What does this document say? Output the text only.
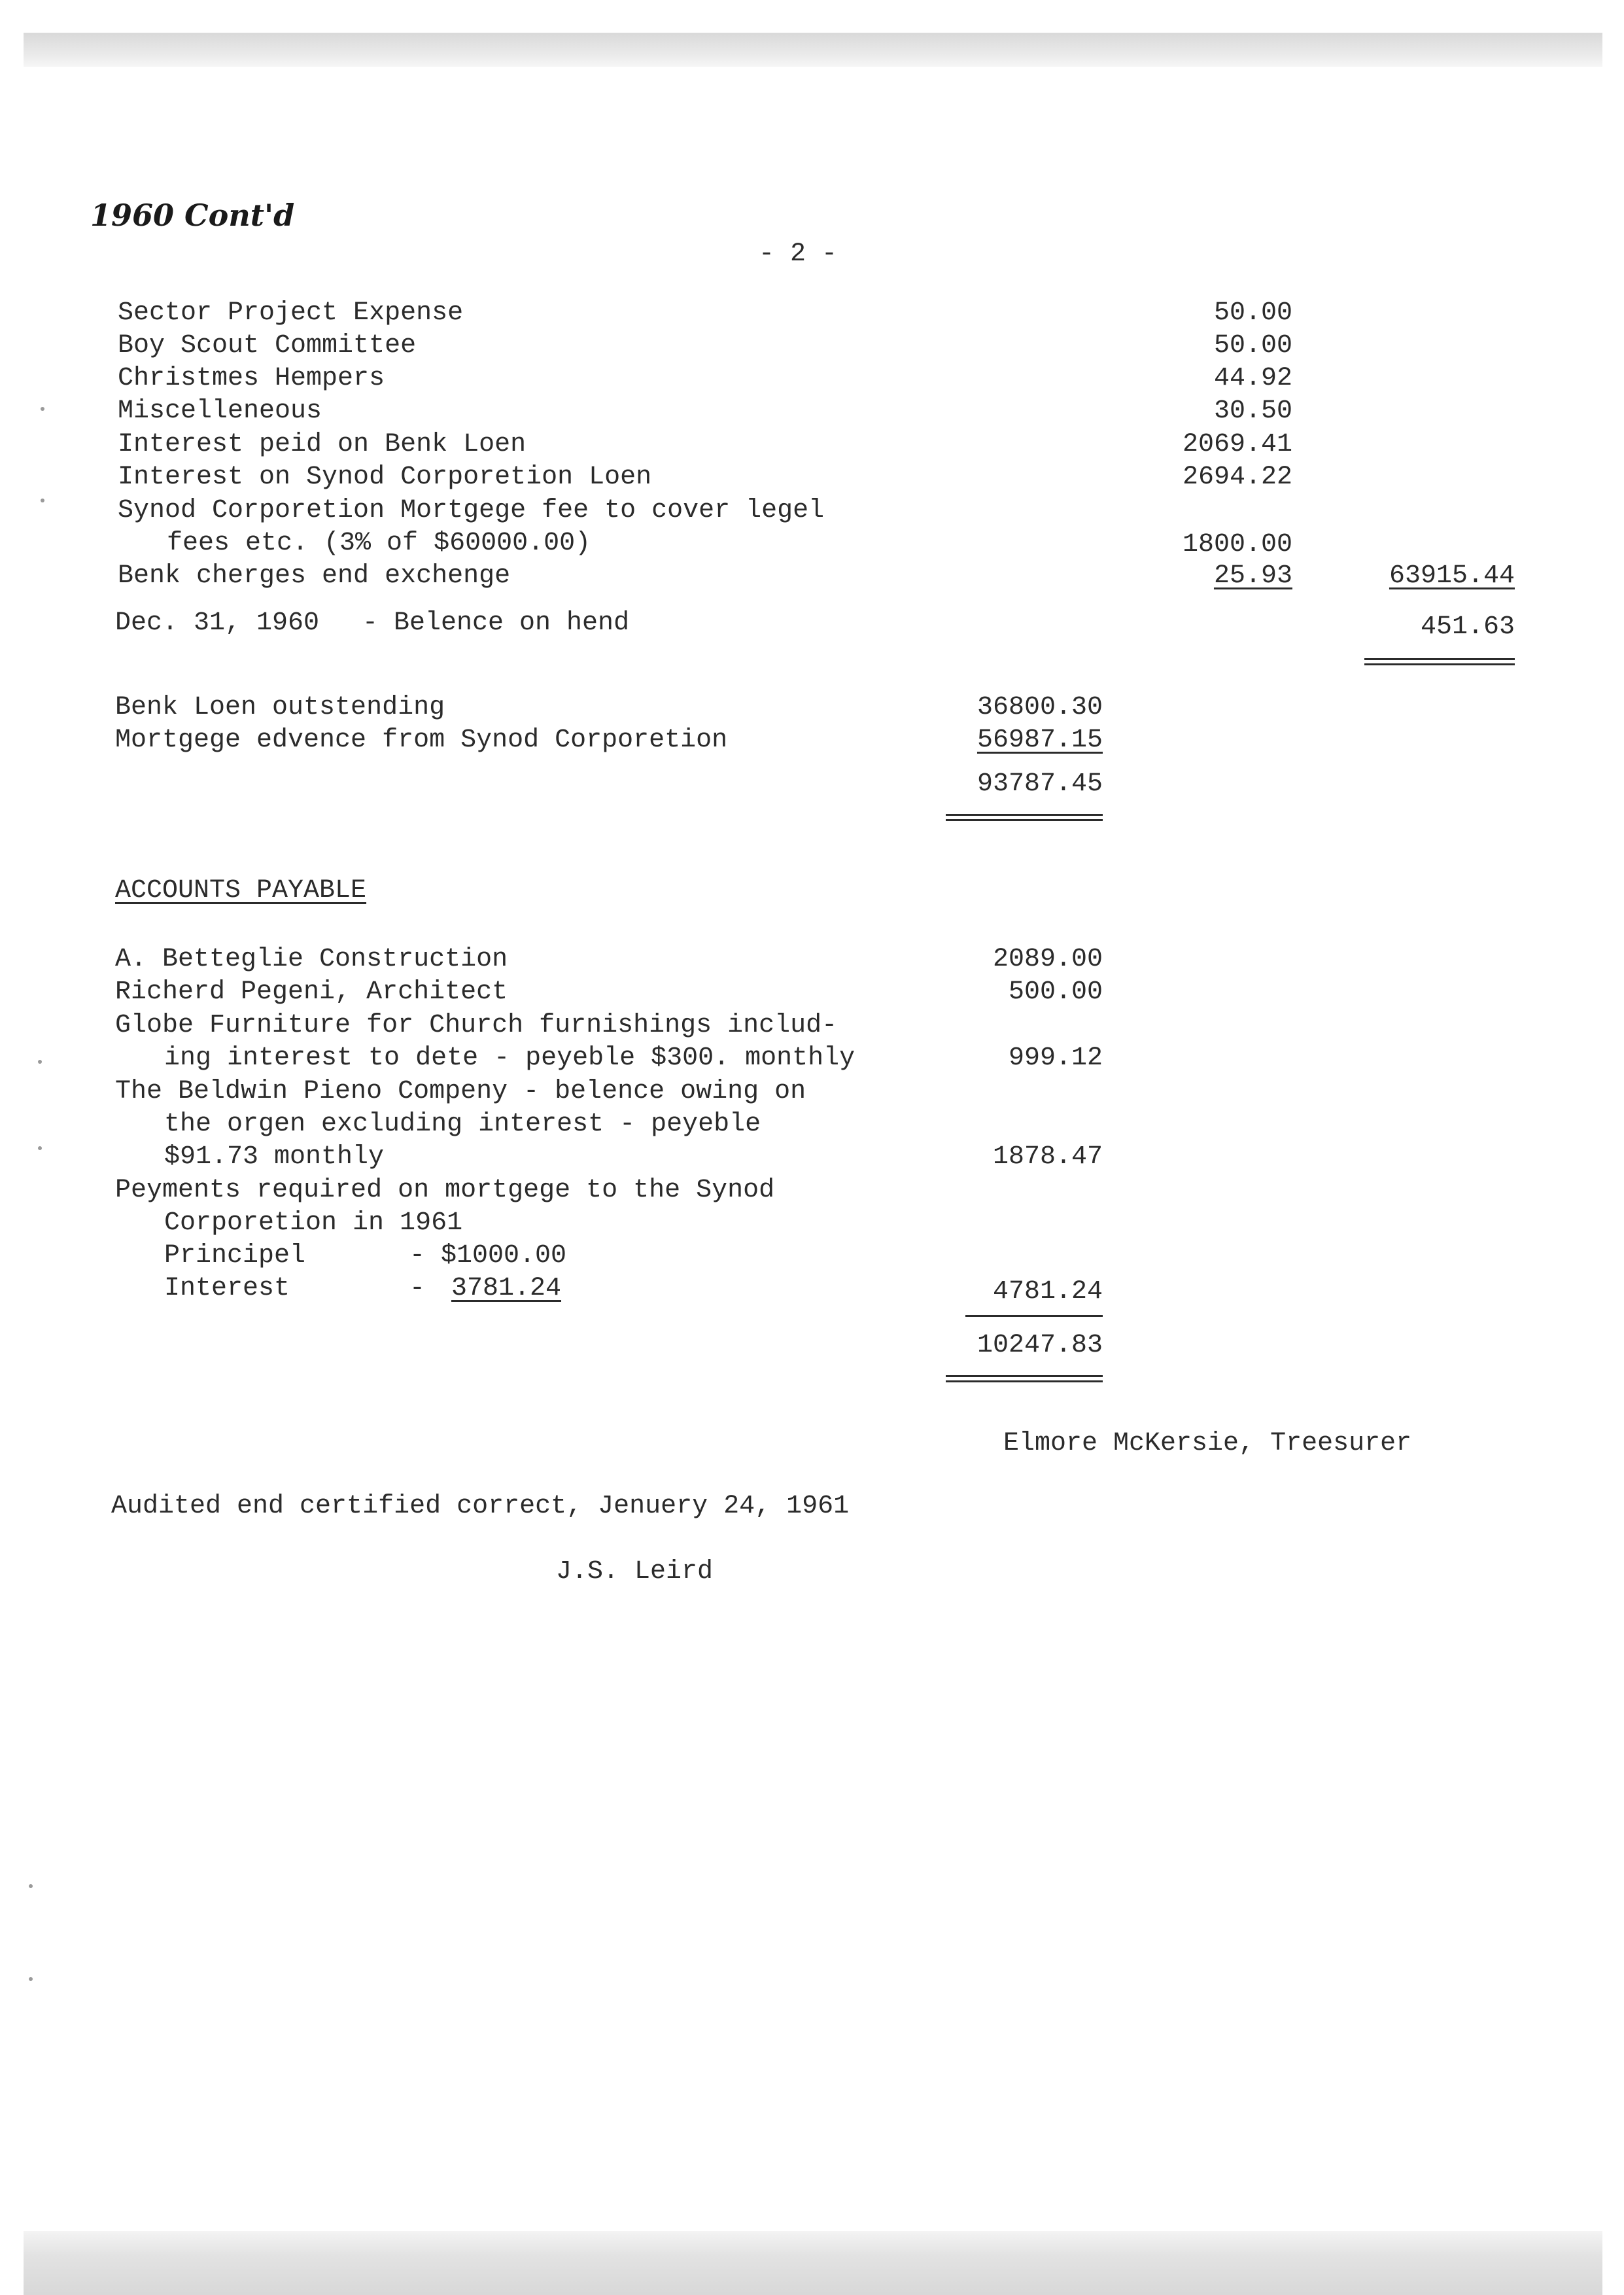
1960 Cont'd
- 2 -
Sector Project Expense	50.00
Boy Scout Committee	50.00
Christmes Hempers	44.92
Miscelleneous	30.50
Interest peid on Benk Loen	2069.41
Interest on Synod Corporetion Loen	2694.22
Synod Corporetion Mortgege fee to cover legel
fees etc. (3% of $60000.00)	1800.00
Benk cherges end exchenge	25.93	63915.44
Dec. 31, 1960 - Belence on hend	451.63
Benk Loen outstending	36800.30
Mortgege edvence from Synod Corporetion	56987.15
93787.45
ACCOUNTS PAYABLE
A. Betteglie Construction	2089.00
Richerd Pegeni, Architect	500.00
Globe Furniture for Church furnishings includ-
ing interest to dete - peyeble $300. monthly	999.12
The Beldwin Pieno Compeny - belence owing on
the orgen excluding interest - peyeble
$91.73 monthly	1878.47
Peyments required on mortgege to the Synod
Corporetion in 1961
Principel	- $1000.00
Interest	- 3781.24	4781.24
10247.83
Elmore McKersie, Treesurer
Audited end certified correct, Jenuery 24, 1961
J.S. Leird
